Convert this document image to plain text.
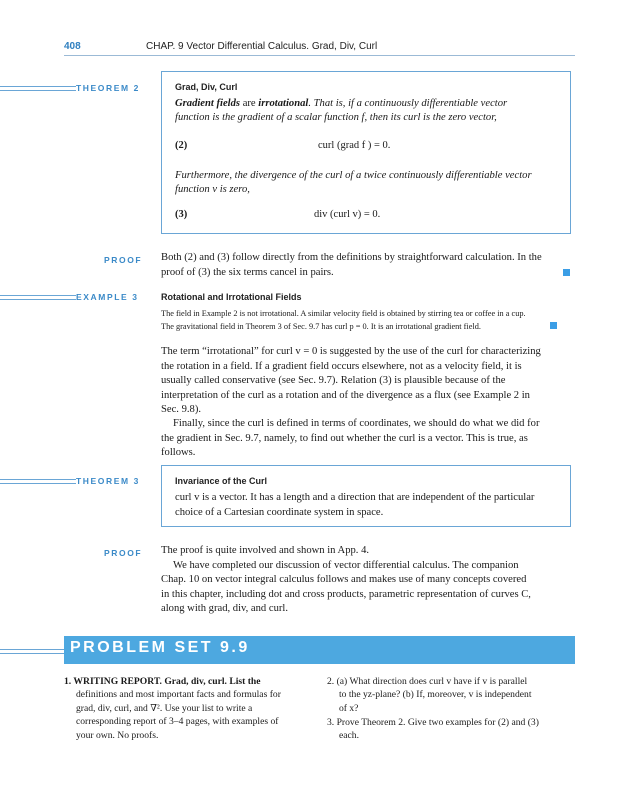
408	CHAP. 9 Vector Differential Calculus. Grad, Div, Curl
THEOREM 2	Grad, Div, Curl
Gradient fields are irrotational. That is, if a continuously differentiable vector
function is the gradient of a scalar function f, then its curl is the zero vector,
(2)	curl (grad f ) = 0.
Furthermore, the divergence of the curl of a twice continuously differentiable vector
function v is zero,
(3)	div (curl v) = 0.
PROOF	Both (2) and (3) follow directly from the definitions by straightforward calculation. In the
proof of (3) the six terms cancel in pairs.
EXAMPLE 3	Rotational and Irrotational Fields
The field in Example 2 is not irrotational. A similar velocity field is obtained by stirring tea or coffee in a cup.
The gravitational field in Theorem 3 of Sec. 9.7 has curl p = 0. It is an irrotational gradient field.
The term “irrotational” for curl v = 0 is suggested by the use of the curl for characterizing
the rotation in a field. If a gradient field occurs elsewhere, not as a velocity field, it is
usually called conservative (see Sec. 9.7). Relation (3) is plausible because of the
interpretation of the curl as a rotation and of the divergence as a flux (see Example 2 in
Sec. 9.8).
Finally, since the curl is defined in terms of coordinates, we should do what we did for
the gradient in Sec. 9.7, namely, to find out whether the curl is a vector. This is true, as
follows.
THEOREM 3	Invariance of the Curl
curl v is a vector. It has a length and a direction that are independent of the particular
choice of a Cartesian coordinate system in space.
PROOF	The proof is quite involved and shown in App. 4.
We have completed our discussion of vector differential calculus. The companion
Chap. 10 on vector integral calculus follows and makes use of many concepts covered
in this chapter, including dot and cross products, parametric representation of curves C,
along with grad, div, and curl.
PROBLEM SET 9.9
1. WRITING REPORT. Grad, div, curl. List the
definitions and most important facts and formulas for
grad, div, curl, and ∇². Use your list to write a
corresponding report of 3–4 pages, with examples of
your own. No proofs.
2. (a) What direction does curl v have if v is parallel
to the yz-plane? (b) If, moreover, v is independent
of x?
3. Prove Theorem 2. Give two examples for (2) and (3)
each.
